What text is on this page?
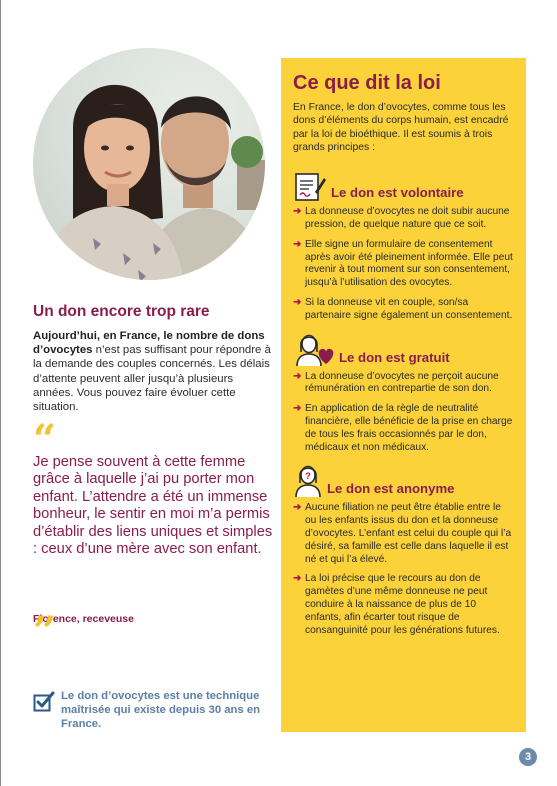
Un don encore trop rare

Aujourd’hui, en France, le nombre de dons d’ovocytes n’est pas suffisant pour répondre à la demande des couples concernés. Les délais d’attente peuvent aller jusqu’à plusieurs années. Vous pouvez faire évoluer cette situation.

“

Je pense souvent à cette femme grâce à laquelle j’ai pu porter mon enfant. L’attendre a été un immense bonheur, le sentir en moi m’a permis d’établir des liens uniques et simples : ceux d’une mère avec son enfant.

Florence, receveuse
”

Le don d’ovocytes est une technique maîtrisée qui existe depuis 30 ans en France.

Ce que dit la loi

En France, le don d’ovocytes, comme tous les dons d’éléments du corps humain, est encadré par la loi de bioéthique. Il est soumis à trois grands principes :

Le don est volontaire
➜ La donneuse d’ovocytes ne doit subir aucune pression, de quelque nature que ce soit.
➜ Elle signe un formulaire de consentement après avoir été pleinement informée. Elle peut revenir à tout moment sur son consentement, jusqu’à l’utilisation des ovocytes.
➜ Si la donneuse vit en couple, son/sa partenaire signe également un consentement.
Le don est gratuit
➜ La donneuse d’ovocytes ne perçoit aucune rémunération en contrepartie de son don.
➜ En application de la règle de neutralité financière, elle bénéficie de la prise en charge de tous les frais occasionnés par le don, médicaux et non médicaux.
?
Le don est anonyme
➜ Aucune filiation ne peut être établie entre le ou les enfants issus du don et la donneuse d’ovocytes. L’enfant est celui du couple qui l’a désiré, sa famille est celle dans laquelle il est né et qui l’a élevé.
➜ La loi précise que le recours au don de gamètes d’une même donneuse ne peut conduire à la naissance de plus de 10 enfants, afin écarter tout risque de consanguinité pour les générations futures.
3
